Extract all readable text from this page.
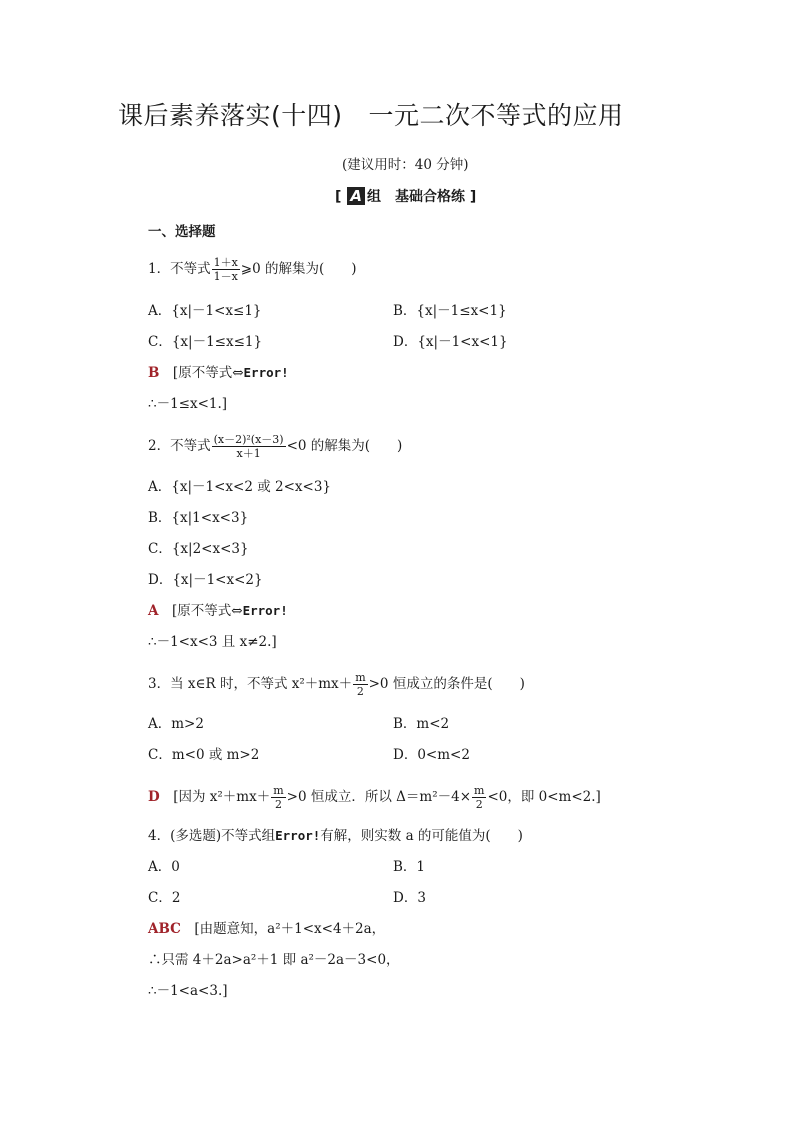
课后素养落实(十四) 一元二次不等式的应用
(建议用时：40 分钟)
[ A 组 基础合格练 ]
一、选择题
1．不等式 $\frac{1+x}{1-x}$ ⩾0 的解集为(　　)
A．{x|－1<x≤1}	B．{x|－1≤x<1}
C．{x|－1≤x≤1}	D．{x|－1<x<1}
B　 [原不等式⇔Error!
∴－1≤x<1.]
2．不等式 $\frac{\text{(x－2)²(x－3)}}{x+1} <0$ 的解集为(　　)
A．{x|－1<x<2 或 2<x<3}
B．{x|1<x<3}
C．{x|2<x<3}
D．{x|－1<x<2}
A　 [原不等式⇔Error!
∴－1<x<3 且 x≠2.]
3．当 x∈R 时，不等式 $x^2+mx+ \frac{m}{2} >0$ 恒成立的条件是(　　)
A．m>2	B．m<2
C．m<0 或 m>2	D．0<m<2
D　 [因为 $x^2+mx+ \frac{m}{2} >0$ 恒成立．所以 $\Delta=m^2-4\times \frac{m}{2} <0$，即 0<m<2.]
4．(多选题)不等式组Error!有解，则实数 a 的可能值为(　　)
A．0	B．1
C．2	D．3
ABC　 [由题意知，a²＋1<x<4＋2a，
∴只需 4＋2a>a²＋1 即 a²－2a－3<0，
∴－1<a<3.]
